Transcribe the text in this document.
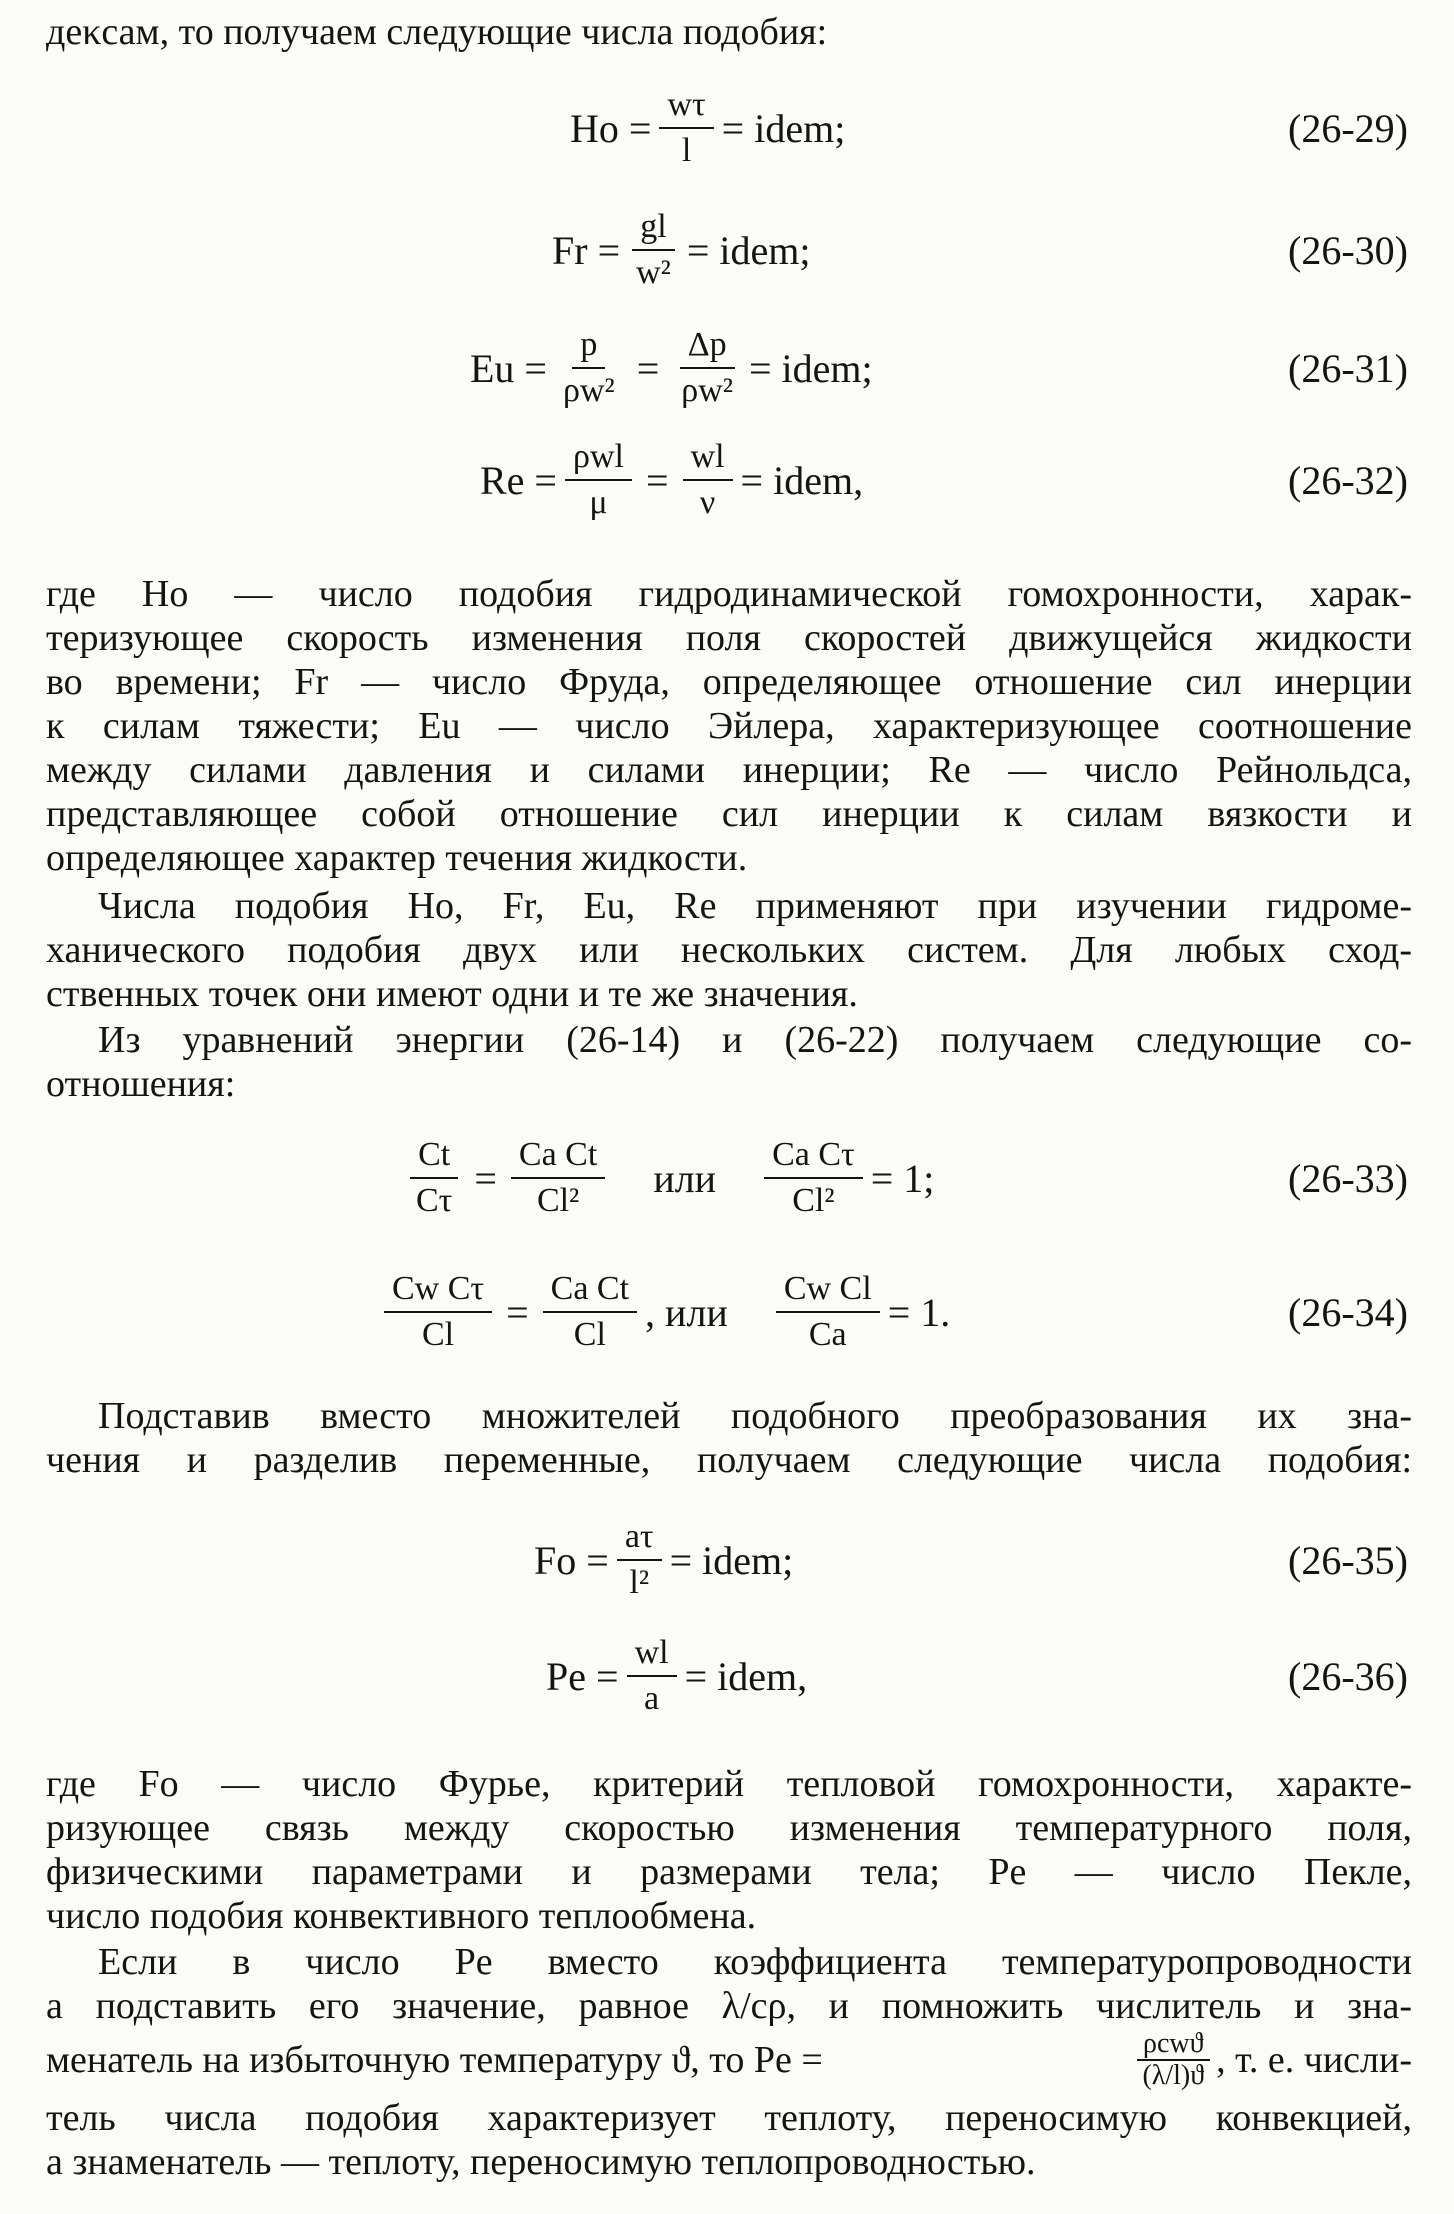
деκсам, то получаем следующие числа подобия:
$Ho = \frac{w\tau}{l}$ = idem;	(26-29)
$Fr = \frac{gl}{\text{w²}}$ = idem;	(26-30)
$Eu = \frac{p}{\text{ρw²}} = \frac{\Delta p}{\text{ρw²}}$ = idem;	(26-31)
$Re = \frac{\text{ρwl}}{\mu} = \frac{wl}{\nu}$ = idem,	(26-32)
где Но — число подобия гидродинамической гомохронности, харак-
теризующее скорость изменения поля скоростей движущейся жидкости
во времени; Fr — число Фруда, определяющее отношение сил инерции
к силам тяжести; Eu — число Эйлера, характеризующее соотношение
между силами давления и силами инерции; Re — число Рейнольдса,
представляющее собой отношение сил инерции к силам вязкости и
определяющее характер течения жидкости.
Числа подобия Но, Fr, Eu, Re применяют при изучении гидроме-
ханического подобия двух или нескольких систем. Для любых сход-
ственных точек они имеют одни и те же значения.
Из уравнений энергии (26-14) и (26-22) получаем следующие со-
отношения:
$\frac{Ct}{C\tau} = \frac{\text{Ca Ct}}{\text{Cl²}}$ или $\frac{\text{Ca Cτ}}{\text{Cl²}} = 1$;	(26-33)
$\frac{\text{Cw Cτ}}{Cl} = \frac{\text{Ca Ct}}{Cl}$ , или $\frac{\text{Cw Cl}}{Ca} = 1$.	(26-34)
Подставив вместо множителей подобного преобразования их зна-
чения и разделив переменные, получаем следующие числа подобия:
$Fo = \frac{a\tau}{\text{l²}}$ = idem;	(26-35)
$Pe = \frac{wl}{a}$ = idem,	(26-36)
где Fo — число Фурье, критерий тепловой гомохронности, характе-
ризующее связь между скоростью изменения температурного поля,
физическими параметрами и размерами тела; Pe — число Пекле,
число подобия конвективного теплообмена.
Если в число Pe вместо коэффициента температуропроводности
a подставить его значение, равное λ/cρ, и помножить числитель и зна-
менатель на избыточную температуру ϑ, то Pe =	$\frac{\text{ρcwϑ}}{(\lambda/l)ϑ}$ , т. е. числи-
тель числа подобия характеризует теплоту, переносимую конвекцией,
а знаменатель — теплоту, переносимую теплопроводностью.
